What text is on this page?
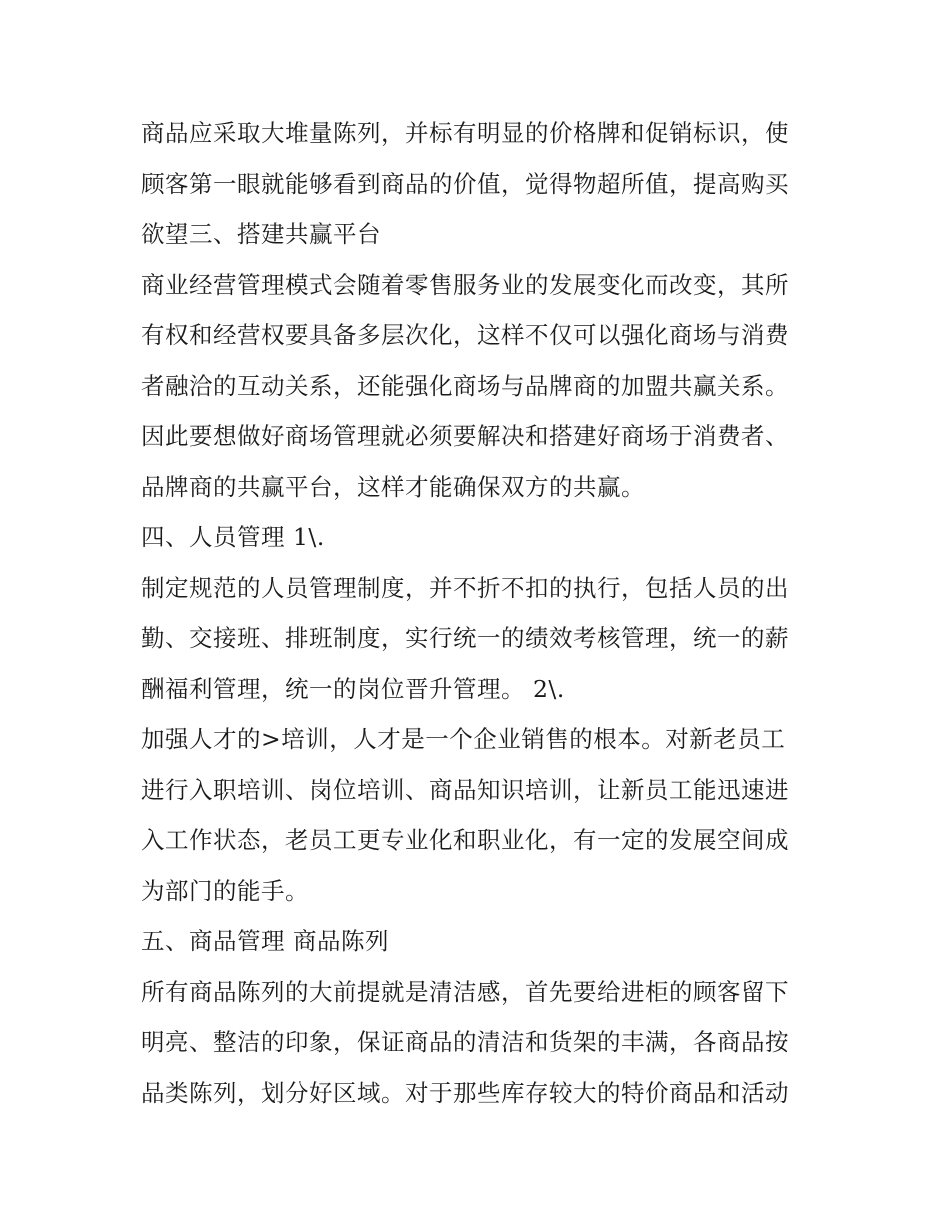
商品应采取大堆量陈列，并标有明显的价格牌和促销标识，使
顾客第一眼就能够看到商品的价值，觉得物超所值，提高购买
欲望三、搭建共赢平台
商业经营管理模式会随着零售服务业的发展变化而改变，其所
有权和经营权要具备多层次化，这样不仅可以强化商场与消费
者融洽的互动关系，还能强化商场与品牌商的加盟共赢关系。
因此要想做好商场管理就必须要解决和搭建好商场于消费者、
品牌商的共赢平台，这样才能确保双方的共赢。
四、人员管理 1\.
制定规范的人员管理制度，并不折不扣的执行，包括人员的出
勤、交接班、排班制度，实行统一的绩效考核管理，统一的薪
酬福利管理，统一的岗位晋升管理。 2\.
加强人才的>培训，人才是一个企业销售的根本。对新老员工
进行入职培训、岗位培训、商品知识培训，让新员工能迅速进
入工作状态，老员工更专业化和职业化，有一定的发展空间成
为部门的能手。
五、商品管理 商品陈列
所有商品陈列的大前提就是清洁感，首先要给进柜的顾客留下
明亮、整洁的印象，保证商品的清洁和货架的丰满，各商品按
品类陈列，划分好区域。对于那些库存较大的特价商品和活动
